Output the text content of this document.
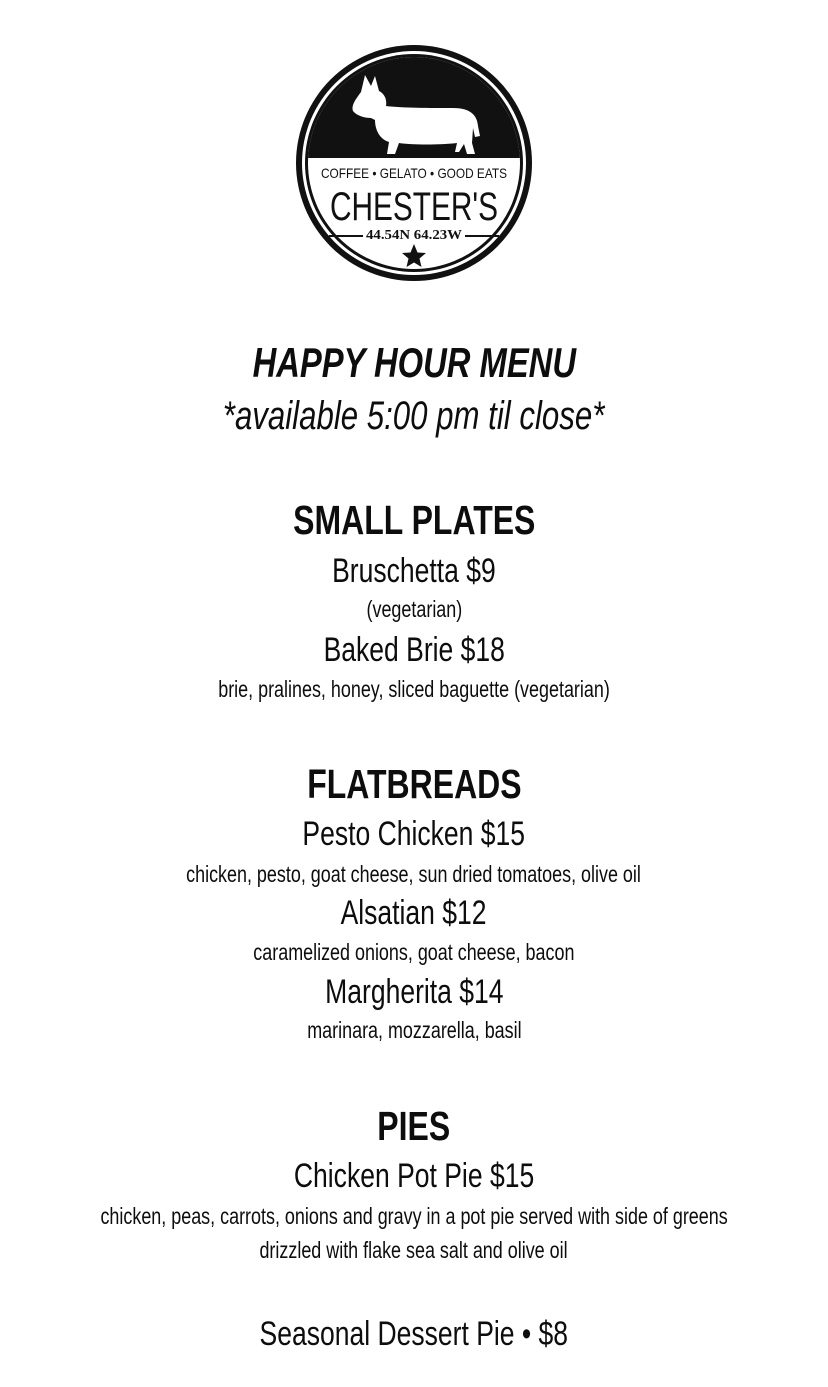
COFFEE • GELATO • GOOD EATS
CHESTER'S
44.54N 64.23W
HAPPY HOUR MENU
*available 5:00 pm til close*
SMALL PLATES
Bruschetta $9
(vegetarian)
Baked Brie $18
brie, pralines, honey, sliced baguette (vegetarian)
FLATBREADS
Pesto Chicken $15
chicken, pesto, goat cheese, sun dried tomatoes, olive oil
Alsatian $12
caramelized onions, goat cheese, bacon
Margherita $14
marinara, mozzarella, basil
PIES
Chicken Pot Pie $15
chicken, peas, carrots, onions and gravy in a pot pie served with side of greens
drizzled with flake sea salt and olive oil
Seasonal Dessert Pie • $8
